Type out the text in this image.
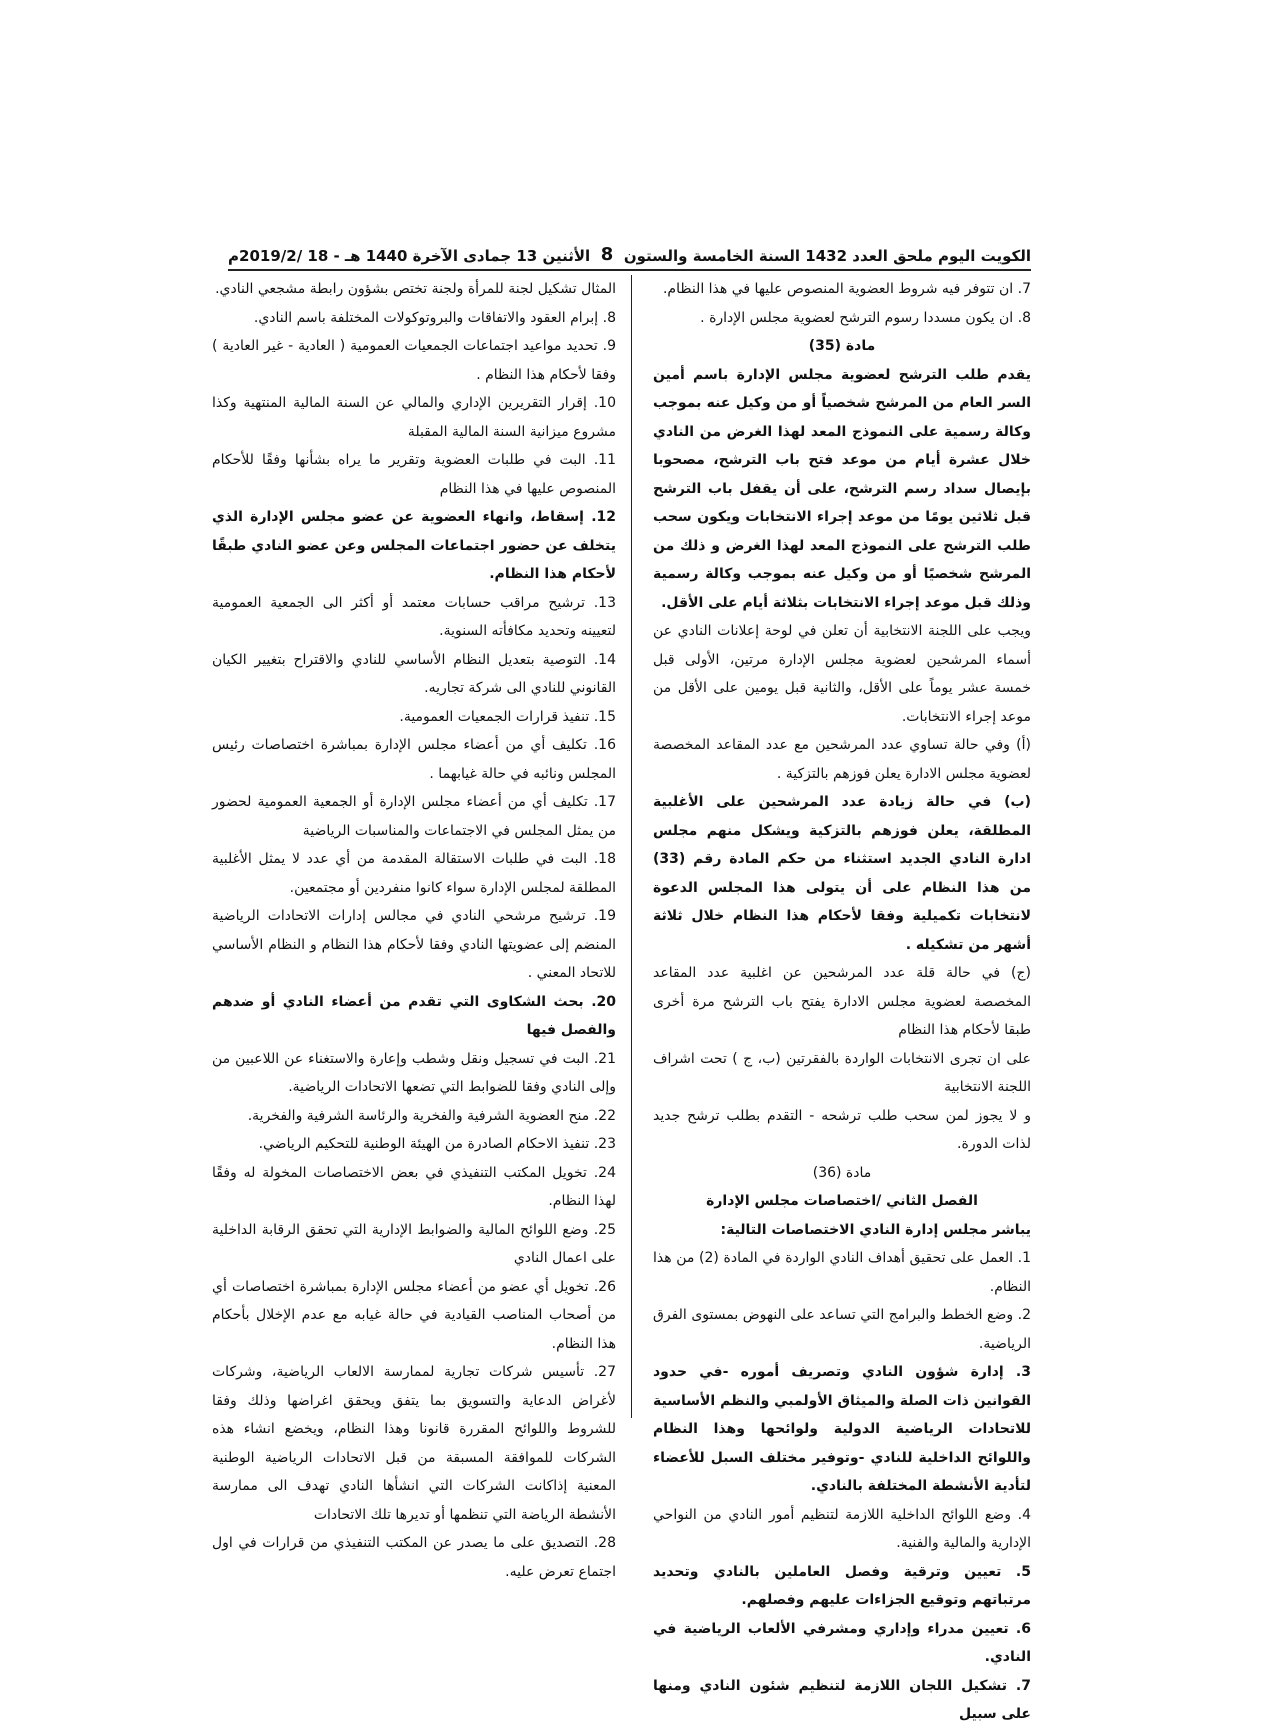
الكويت اليوم ملحق العدد 1432 السنة الخامسة والستون
8
الأثنين 13 جمادى الآخرة 1440 هـ - 18 /2019/2م

7. ان تتوفر فيه شروط العضوية المنصوص عليها في هذا النظام.

8. ان يكون مسددا رسوم الترشح لعضوية مجلس الإدارة .

مادة (35)

يقدم طلب الترشح لعضوية مجلس الإدارة باسم أمين السر العام من المرشح شخصياً أو من وكيل عنه بموجب وكالة رسمية على النموذج المعد لهذا الغرض من النادي خلال عشرة أيام من موعد فتح باب الترشح، مصحوبا بإيصال سداد رسم الترشح، على أن يقفل باب الترشح قبل ثلاثين يومًا من موعد إجراء الانتخابات ويكون سحب طلب الترشح على النموذج المعد لهذا الغرض و ذلك من المرشح شخصيًا أو من وكيل عنه بموجب وكالة رسمية وذلك قبل موعد إجراء الانتخابات بثلاثة أيام على الأقل.

ويجب على اللجنة الانتخابية أن تعلن في لوحة إعلانات النادي عن أسماء المرشحين لعضوية مجلس الإدارة مرتين، الأولى قبل خمسة عشر يوماً على الأقل، والثانية قبل يومين على الأقل من موعد إجراء الانتخابات.

(أ) وفي حالة تساوي عدد المرشحين مع عدد المقاعد المخصصة لعضوية مجلس الادارة يعلن فوزهم بالتزكية .

(ب) في حالة زيادة عدد المرشحين على الأغلبية المطلقة، يعلن فوزهم بالتزكية ويشكل منهم مجلس ادارة النادي الجديد استثناء من حكم المادة رقم (33) من هذا النظام على أن يتولى هذا المجلس الدعوة لانتخابات تكميلية وفقا لأحكام هذا النظام خلال ثلاثة أشهر من تشكيله .

(ج) في حالة قلة عدد المرشحين عن اغلبية عدد المقاعد المخصصة لعضوية مجلس الادارة يفتح باب الترشح مرة أخرى طبقا لأحكام هذا النظام

على ان تجرى الانتخابات الواردة بالفقرتين (ب، ج ) تحت اشراف اللجنة الانتخابية

و لا يجوز لمن سحب طلب ترشحه - التقدم بطلب ترشح جديد لذات الدورة.

مادة (36)

الفصل الثاني /اختصاصات مجلس الإدارة

يباشر مجلس إدارة النادي الاختصاصات التالية:

1. العمل على تحقيق أهداف النادي الواردة في المادة (2) من هذا النظام.

2. وضع الخطط والبرامج التي تساعد على النهوض بمستوى الفرق الرياضية.

3. إدارة شؤون النادي وتصريف أموره -في حدود القوانين ذات الصلة والميثاق الأولمبي والنظم الأساسية للاتحادات الرياضية الدولية ولوائحها وهذا النظام واللوائح الداخلية للنادي -وتوفير مختلف السبل للأعضاء لتأدية الأنشطة المختلفة بالنادي.

4. وضع اللوائح الداخلية اللازمة لتنظيم أمور النادي من النواحي الإدارية والمالية والفنية.

5. تعيين وترقية وفصل العاملين بالنادي وتحديد مرتباتهم وتوقيع الجزاءات عليهم وفصلهم.

6. تعيين مدراء وإداري ومشرفي الألعاب الرياضية في النادي.

7. تشكيل اللجان اللازمة لتنظيم شئون النادي ومنها على سبيل

المثال تشكيل لجنة للمرأة ولجنة تختص بشؤون رابطة مشجعي النادي.

8. إبرام العقود والاتفاقات والبروتوكولات المختلفة باسم النادي.

9. تحديد مواعيد اجتماعات الجمعيات العمومية ( العادية - غير العادية ) وفقا لأحكام هذا النظام .

10. إقرار التقريرين الإداري والمالي عن السنة المالية المنتهية وكذا مشروع ميزانية السنة المالية المقبلة

11. البت في طلبات العضوية وتقرير ما يراه بشأنها وفقًا للأحكام المنصوص عليها في هذا النظام

12. إسقاط، وانهاء العضوية عن عضو مجلس الإدارة الذي يتخلف عن حضور اجتماعات المجلس وعن عضو النادي طبقًا لأحكام هذا النظام.

13. ترشيح مراقب حسابات معتمد أو أكثر الى الجمعية العمومية لتعيينه وتحديد مكافأته السنوية.

14. التوصية بتعديل النظام الأساسي للنادي والاقتراح بتغيير الكيان القانوني للنادي الى شركة تجاريه.

15. تنفيذ قرارات الجمعيات العمومية.

16. تكليف أي من أعضاء مجلس الإدارة بمباشرة اختصاصات رئيس المجلس ونائبه في حالة غيابهما .

17. تكليف أي من أعضاء مجلس الإدارة أو الجمعية العمومية لحضور من يمثل المجلس في الاجتماعات والمناسبات الرياضية

18. البت في طلبات الاستقالة المقدمة من أي عدد لا يمثل الأغلبية المطلقة لمجلس الإدارة سواء كانوا منفردين أو مجتمعين.

19. ترشيح مرشحي النادي في مجالس إدارات الاتحادات الرياضية المنضم إلى عضويتها النادي وفقا لأحكام هذا النظام و النظام الأساسي للاتحاد المعني .

20. بحث الشكاوى التي تقدم من أعضاء النادي أو ضدهم والفصل فيها

21. البت في تسجيل ونقل وشطب وإعارة والاستغناء عن اللاعبين من وإلى النادي وفقا للضوابط التي تضعها الاتحادات الرياضية.

22. منح العضوية الشرفية والفخرية والرئاسة الشرفية والفخرية.

23. تنفيذ الاحكام الصادرة من الهيئة الوطنية للتحكيم الرياضي.

24. تخويل المكتب التنفيذي في بعض الاختصاصات المخولة له وفقًا لهذا النظام.

25. وضع اللوائح المالية والضوابط الإدارية التي تحقق الرقابة الداخلية على اعمال النادي

26. تخويل أي عضو من أعضاء مجلس الإدارة بمباشرة اختصاصات أي من أصحاب المناصب القيادية في حالة غيابه مع عدم الإخلال بأحكام هذا النظام.

27. تأسيس شركات تجارية لممارسة الالعاب الرياضية، وشركات لأغراض الدعاية والتسويق بما يتفق ويحقق اغراضها وذلك وفقا للشروط واللوائح المقررة قانونا وهذا النظام، ويخضع انشاء هذه الشركات للموافقة المسبقة من قبل الاتحادات الرياضية الوطنية المعنية إذاكانت الشركات التي انشأها النادي تهدف الى ممارسة الأنشطة الرياضة التي تنظمها أو تديرها تلك الاتحادات

28. التصديق على ما يصدر عن المكتب التنفيذي من قرارات في اول اجتماع تعرض عليه.
